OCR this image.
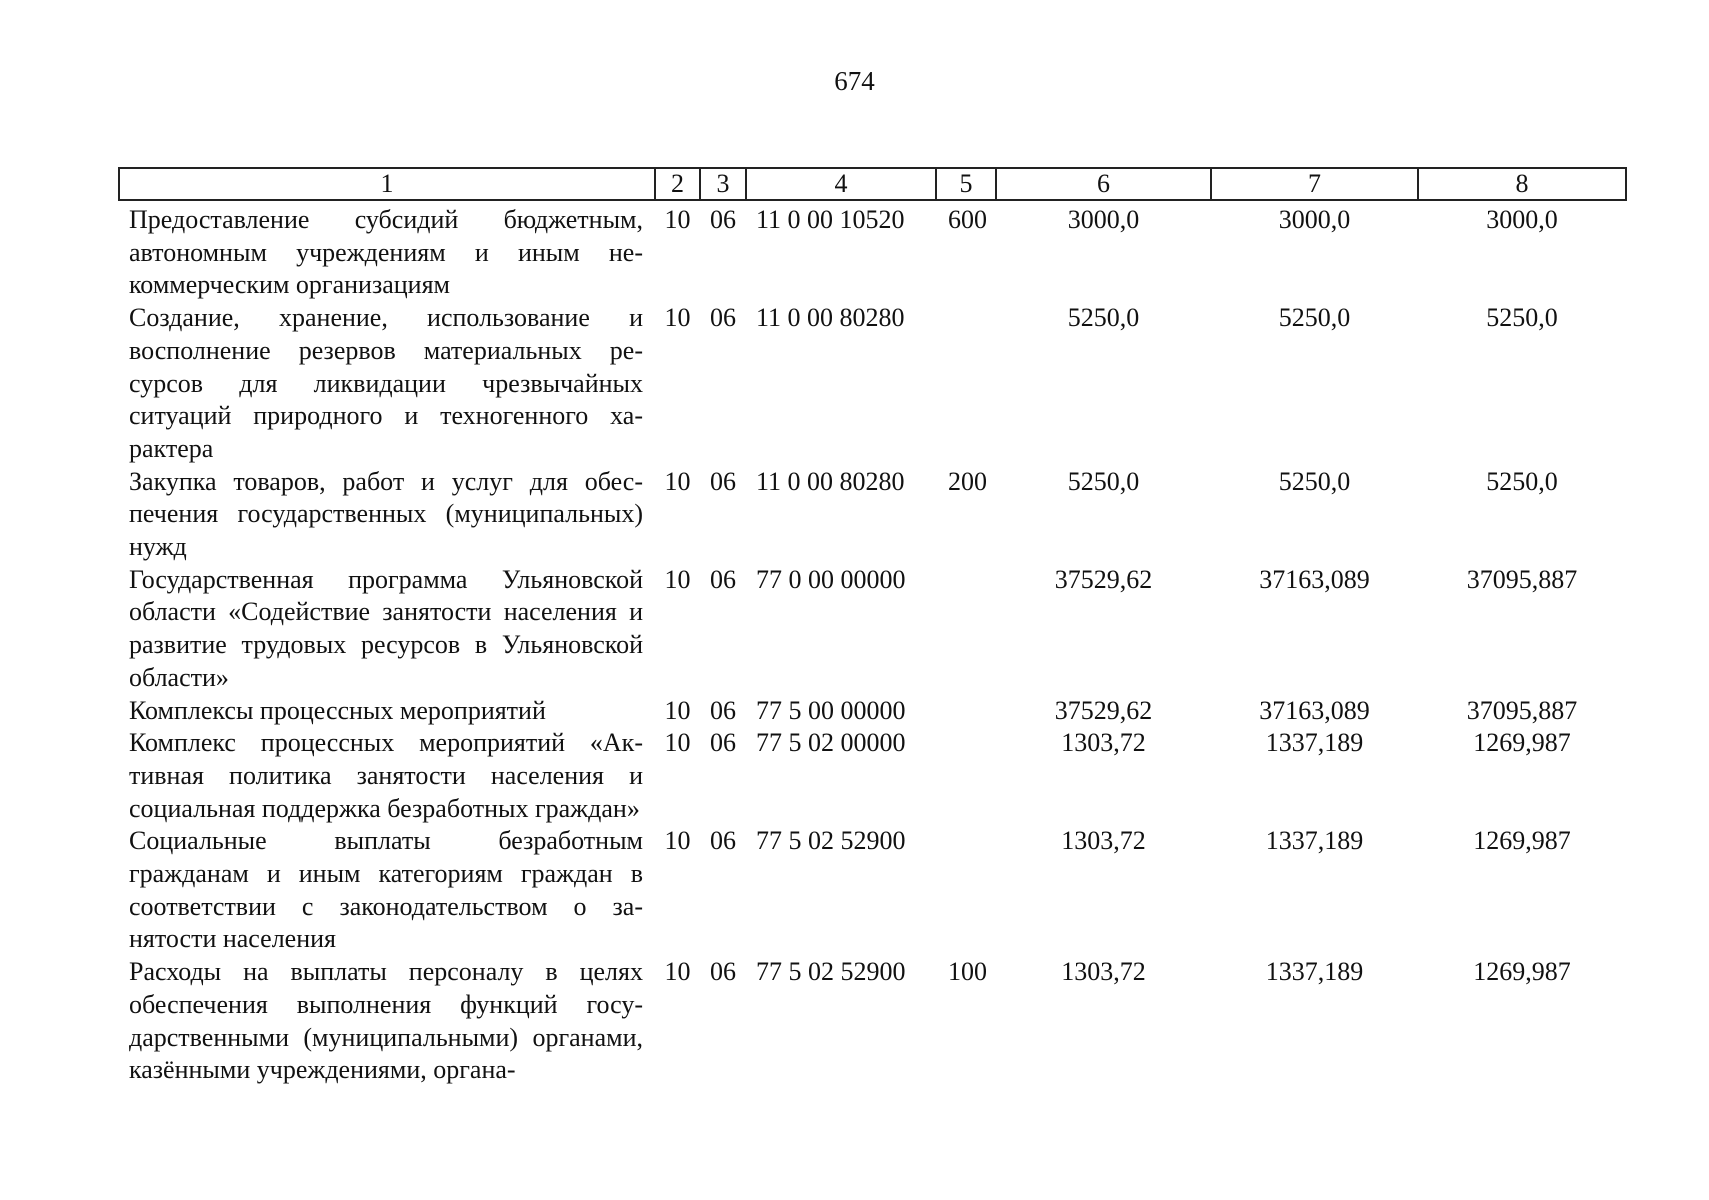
674
1	2	3	4	5	6	7	8
Предоставление субсидий бюджетным, автономным учреждениям и иным некоммерческим организациям	10	06	11 0 00 10520	600	3000,0	3000,0	3000,0
Создание, хранение, использование и восполнение резервов материальных ресурсов для ликвидации чрезвычайных ситуаций природного и техногенного характера	10	06	11 0 00 80280		5250,0	5250,0	5250,0
Закупка товаров, работ и услуг для обеспечения государственных (муниципальных) нужд	10	06	11 0 00 80280	200	5250,0	5250,0	5250,0
Государственная программа Ульяновской области «Содействие занятости населения и развитие трудовых ресурсов в Ульяновской области»	10	06	77 0 00 00000		37529,62	37163,089	37095,887
Комплексы процессных мероприятий	10	06	77 5 00 00000		37529,62	37163,089	37095,887
Комплекс процессных мероприятий «Активная политика занятости населения и социальная поддержка безработных граждан»	10	06	77 5 02 00000		1303,72	1337,189	1269,987
Социальные выплаты безработным гражданам и иным категориям граждан в соответствии с законодательством о занятости населения	10	06	77 5 02 52900		1303,72	1337,189	1269,987
Расходы на выплаты персоналу в целях обеспечения выполнения функций государственными (муниципальными) органами, казёнными учреждениями, органа-	10	06	77 5 02 52900	100	1303,72	1337,189	1269,987
